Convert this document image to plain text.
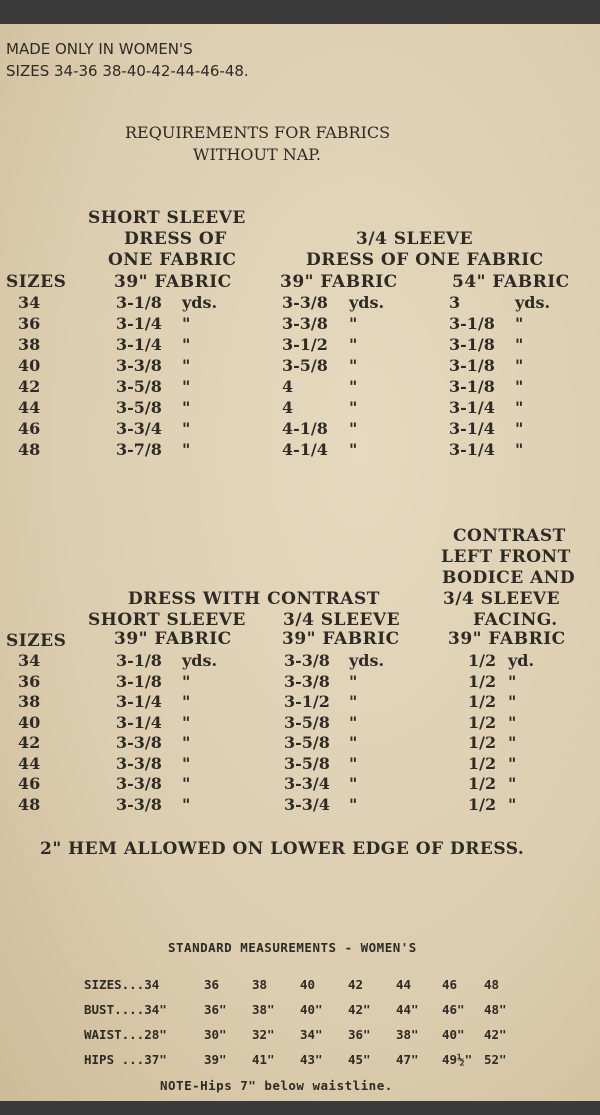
MADE ONLY IN WOMEN'S
SIZES 34-36 38-40-42-44-46-48.
REQUIREMENTS FOR FABRICS
WITHOUT NAP.
SHORT SLEEVE
DRESS OF
ONE FABRIC
3/4 SLEEVE
DRESS OF ONE FABRIC
SIZES	39" FABRIC	39" FABRIC	54" FABRIC
34	3-1/8 yds.	3-3/8 yds.	3	yds.
36	3-1/4 "	3-3/8 "	3-1/8 "
38	3-1/4 "	3-1/2 "	3-1/8 "
40	3-3/8 "	3-5/8 "	3-1/8 "
42	3-5/8 "	4	"	3-1/8 "
44	3-5/8 "	4	"	3-1/4 "
46	3-3/4 "	4-1/8 "	3-1/4 "
48	3-7/8 "	4-1/4 "	3-1/4 "
CONTRAST
LEFT FRONT
BODICE AND
3/4 SLEEVE
FACING.
DRESS WITH CONTRAST
SHORT SLEEVE 3/4 SLEEVE
SIZES	39" FABRIC	39" FABRIC	39" FABRIC
34	3-1/8 yds.	3-3/8 yds.	1/2 yd.
36	3-1/8 "	3-3/8 "	1/2 "
38	3-1/4 "	3-1/2 "	1/2 "
40	3-1/4 "	3-5/8 "	1/2 "
42	3-3/8 "	3-5/8 "	1/2 "
44	3-3/8 "	3-5/8 "	1/2 "
46	3-3/8 "	3-3/4 "	1/2 "
48	3-3/8 "	3-3/4 "	1/2 "
2" HEM ALLOWED ON LOWER EDGE OF DRESS.
STANDARD MEASUREMENTS - WOMEN'S
SIZES...34	36	38	40	42	44 46 48
BUST....34"	36" 38" 40" 42" 44" 46" 48"
WAIST...28"	30" 32" 34" 36" 38" 40" 42"
HIPS ...37"	39" 41" 43" 45" 47" 49½" 52"
NOTE-Hips 7" below waistline.
